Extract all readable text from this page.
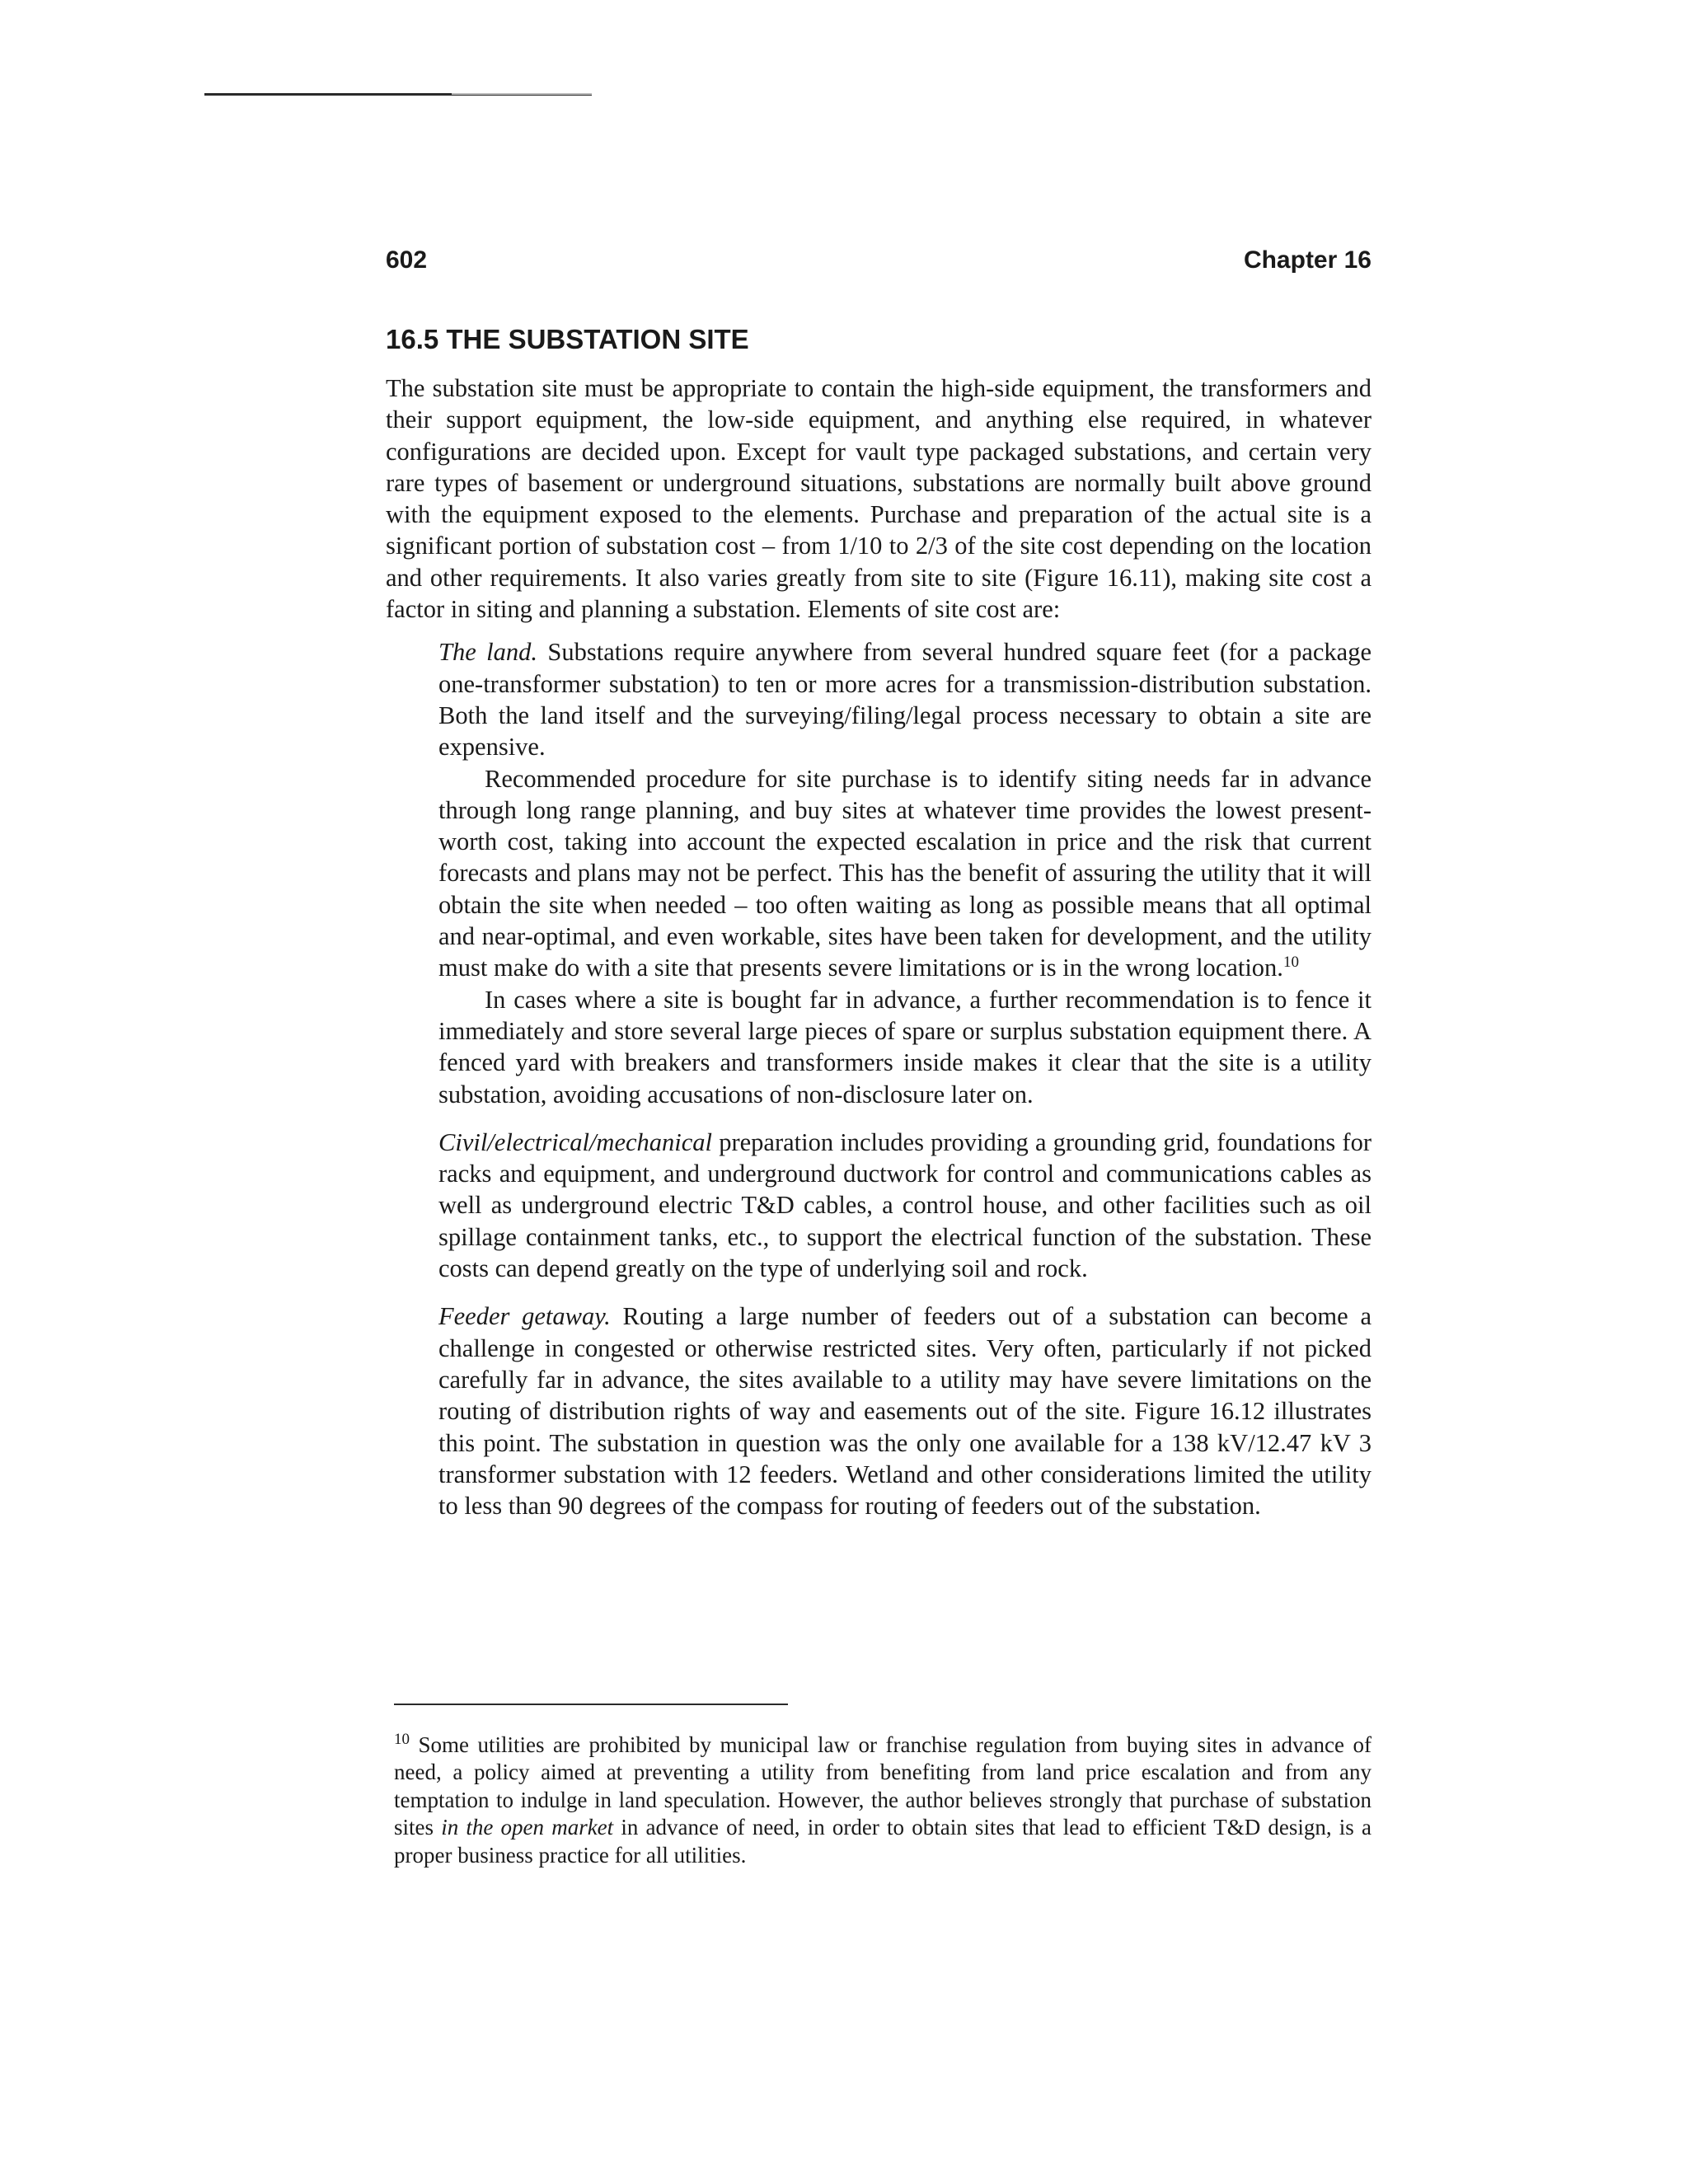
602	Chapter 16
16.5 THE SUBSTATION SITE

The substation site must be appropriate to contain the high-side equipment, the transformers and their support equipment, the low-side equipment, and anything else required, in whatever configurations are decided upon. Except for vault type packaged substations, and certain very rare types of basement or underground situations, substations are normally built above ground with the equipment exposed to the elements. Purchase and preparation of the actual site is a significant portion of substation cost – from 1/10 to 2/3 of the site cost depending on the location and other requirements. It also varies greatly from site to site (Figure 16.11), making site cost a factor in siting and planning a substation. Elements of site cost are:

The land. Substations require anywhere from several hundred square feet (for a package one-transformer substation) to ten or more acres for a transmission-distribution substation. Both the land itself and the surveying/filing/legal process necessary to obtain a site are expensive.

Recommended procedure for site purchase is to identify siting needs far in advance through long range planning, and buy sites at whatever time provides the lowest present-worth cost, taking into account the expected escalation in price and the risk that current forecasts and plans may not be perfect. This has the benefit of assuring the utility that it will obtain the site when needed – too often waiting as long as possible means that all optimal and near-optimal, and even workable, sites have been taken for development, and the utility must make do with a site that presents severe limitations or is in the wrong location.$^{10}$

In cases where a site is bought far in advance, a further recommendation is to fence it immediately and store several large pieces of spare or surplus substation equipment there. A fenced yard with breakers and transformers inside makes it clear that the site is a utility substation, avoiding accusations of non-disclosure later on.

Civil/electrical/mechanical preparation includes providing a grounding grid, foundations for racks and equipment, and underground ductwork for control and communications cables as well as underground electric T&D cables, a control house, and other facilities such as oil spillage containment tanks, etc., to support the electrical function of the substation. These costs can depend greatly on the type of underlying soil and rock.

Feeder getaway. Routing a large number of feeders out of a substation can become a challenge in congested or otherwise restricted sites. Very often, particularly if not picked carefully far in advance, the sites available to a utility may have severe limitations on the routing of distribution rights of way and easements out of the site. Figure 16.12 illustrates this point. The substation in question was the only one available for a 138 kV/12.47 kV 3 transformer substation with 12 feeders. Wetland and other considerations limited the utility to less than 90 degrees of the compass for routing of feeders out of the substation.

$^{10}$ Some utilities are prohibited by municipal law or franchise regulation from buying sites in advance of need, a policy aimed at preventing a utility from benefiting from land price escalation and from any temptation to indulge in land speculation. However, the author believes strongly that purchase of substation sites in the open market in advance of need, in order to obtain sites that lead to efficient T&D design, is a proper business practice for all utilities.
